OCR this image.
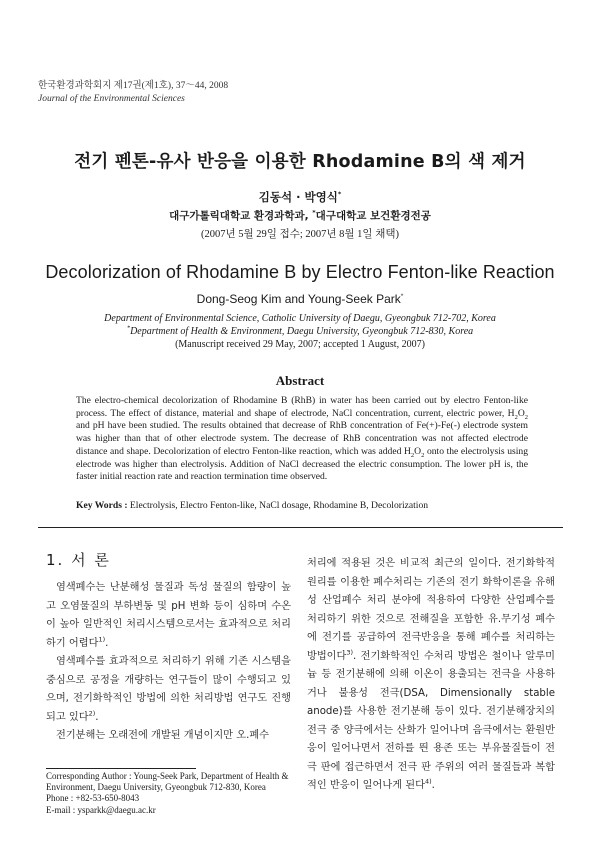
한국환경과학회지 제17권(제1호), 37～44, 2008
Journal of the Environmental Sciences
전기 펜톤-유사 반응을 이용한 Rhodamine B의 색 제거
김동석 · 박영식*
대구가톨릭대학교 환경과학과, *대구대학교 보건환경전공
(2007년 5월 29일 접수; 2007년 8월 1일 채택)
Decolorization of Rhodamine B by Electro Fenton-like Reaction
Dong-Seog Kim and Young-Seek Park*
Department of Environmental Science, Catholic University of Daegu, Gyeongbuk 712-702, Korea
*Department of Health & Environment, Daegu University, Gyeongbuk 712-830, Korea
(Manuscript received 29 May, 2007; accepted 1 August, 2007)
Abstract
The electro-chemical decolorization of Rhodamine B (RhB) in water has been carried out by electro Fenton-like process. The effect of distance, material and shape of electrode, NaCl concentration, current, electric power, $H_2O_2$ and pH have been studied. The results obtained that decrease of RhB concentration of Fe(+)-Fe(-) electrode system was higher than that of other electrode system. The decrease of RhB concentration was not affected electrode distance and shape. Decolorization of electro Fenton-like reaction, which was added $H_2O_2$ onto the electrolysis using electrode was higher than electrolysis. Addition of NaCl decreased the electric consumption. The lower pH is, the faster initial reaction rate and reaction termination time observed.
Key Words : Electrolysis, Electro Fenton-like, NaCl dosage, Rhodamine B, Decolorization
1. 서 론

염색폐수는 난분해성 물질과 독성 물질의 함량이 높고 오염물질의 부하변동 및 pH 변화 등이 심하며 수온이 높아 일반적인 처리시스템으로서는 효과적으로 처리하기 어렵다$^{1)}$.

염색폐수를 효과적으로 처리하기 위해 기존 시스템을 중심으로 공정을 개량하는 연구들이 많이 수행되고 있으며, 전기화학적인 방법에 의한 처리방법 연구도 진행되고 있다$^{2)}$.

전기분해는 오래전에 개발된 개념이지만 오.폐수

처리에 적용된 것은 비교적 최근의 일이다. 전기화학적 원리를 이용한 폐수처리는 기존의 전기 화학이론을 유해성 산업폐수 처리 분야에 적용하여 다양한 산업폐수를 처리하기 위한 것으로 전해질을 포함한 유.무기성 폐수에 전기를 공급하여 전극반응을 통해 폐수를 처리하는 방법이다$^{3)}$. 전기화학적인 수처리 방법은 철이나 알루미늄 등 전기분해에 의해 이온이 용출되는 전극을 사용하거나 불용성 전극(DSA, Dimensionally stable anode)를 사용한 전기분해 등이 있다. 전기분해장치의 전극 중 양극에서는 산화가 일어나며 음극에서는 환원반응이 일어나면서 전하를 띈 용존 또는 부유물질들이 전극 판에 접근하면서 전극 판 주위의 여러 물질들과 복합적인 반응이 일어나게 된다$^{4)}$.

Corresponding Author : Young-Seek Park, Department of Health & Environment, Daegu University, Gyeongbuk 712-830, Korea
Phone : +82-53-650-8043
E-mail : ysparkk@daegu.ac.kr
